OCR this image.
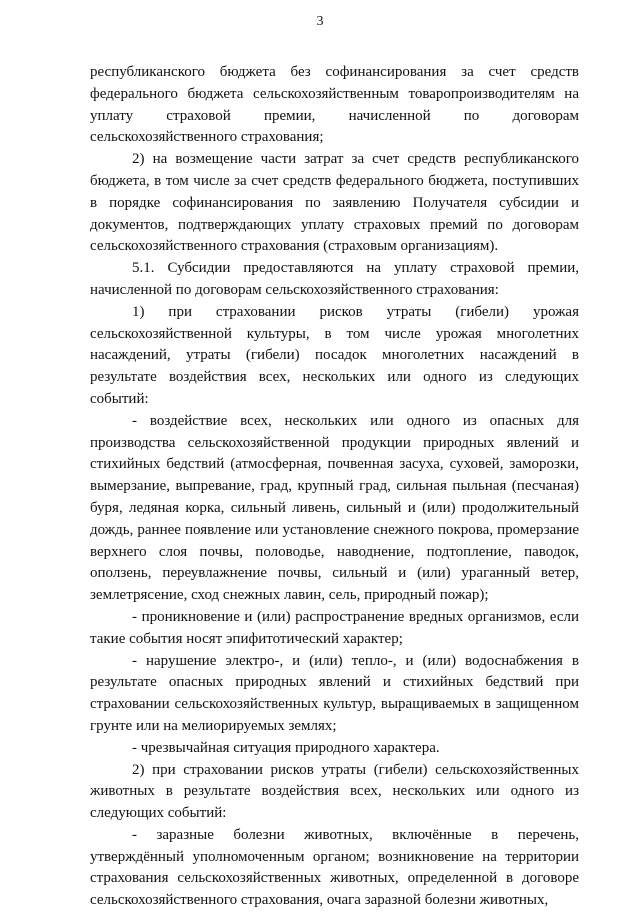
3

республиканского бюджета без софинансирования за счет средств федерального бюджета сельскохозяйственным товаропроизводителям на уплату страховой премии, начисленной по договорам сельскохозяйственного страхования;

2) на возмещение части затрат за счет средств республиканского бюджета, в том числе за счет средств федерального бюджета, поступивших в порядке софинансирования по заявлению Получателя субсидии и документов, подтверждающих уплату страховых премий по договорам сельскохозяйственного страхования (страховым организациям).

5.1. Субсидии предоставляются на уплату страховой премии, начисленной по договорам сельскохозяйственного страхования:

1) при страховании рисков утраты (гибели) урожая сельскохозяйственной культуры, в том числе урожая многолетних насаждений, утраты (гибели) посадок многолетних насаждений в результате воздействия всех, нескольких или одного из следующих событий:

- воздействие всех, нескольких или одного из опасных для производства сельскохозяйственной продукции природных явлений и стихийных бедствий (атмосферная, почвенная засуха, суховей, заморозки, вымерзание, выпревание, град, крупный град, сильная пыльная (песчаная) буря, ледяная корка, сильный ливень, сильный и (или) продолжительный дождь, раннее появление или установление снежного покрова, промерзание верхнего слоя почвы, половодье, наводнение, подтопление, паводок, оползень, переувлажнение почвы, сильный и (или) ураганный ветер, землетрясение, сход снежных лавин, сель, природный пожар);

- проникновение и (или) распространение вредных организмов, если такие события носят эпифитотический характер;

- нарушение электро-, и (или) тепло-, и (или) водоснабжения в результате опасных природных явлений и стихийных бедствий при страховании сельскохозяйственных культур, выращиваемых в защищенном грунте или на мелиорируемых землях;

- чрезвычайная ситуация природного характера.

2) при страховании рисков утраты (гибели) сельскохозяйственных животных в результате воздействия всех, нескольких или одного из следующих событий:

- заразные болезни животных, включённые в перечень, утверждённый уполномоченным органом; возникновение на территории страхования сельскохозяйственных животных, определенной в договоре сельскохозяйственного страхования, очага заразной болезни животных,
